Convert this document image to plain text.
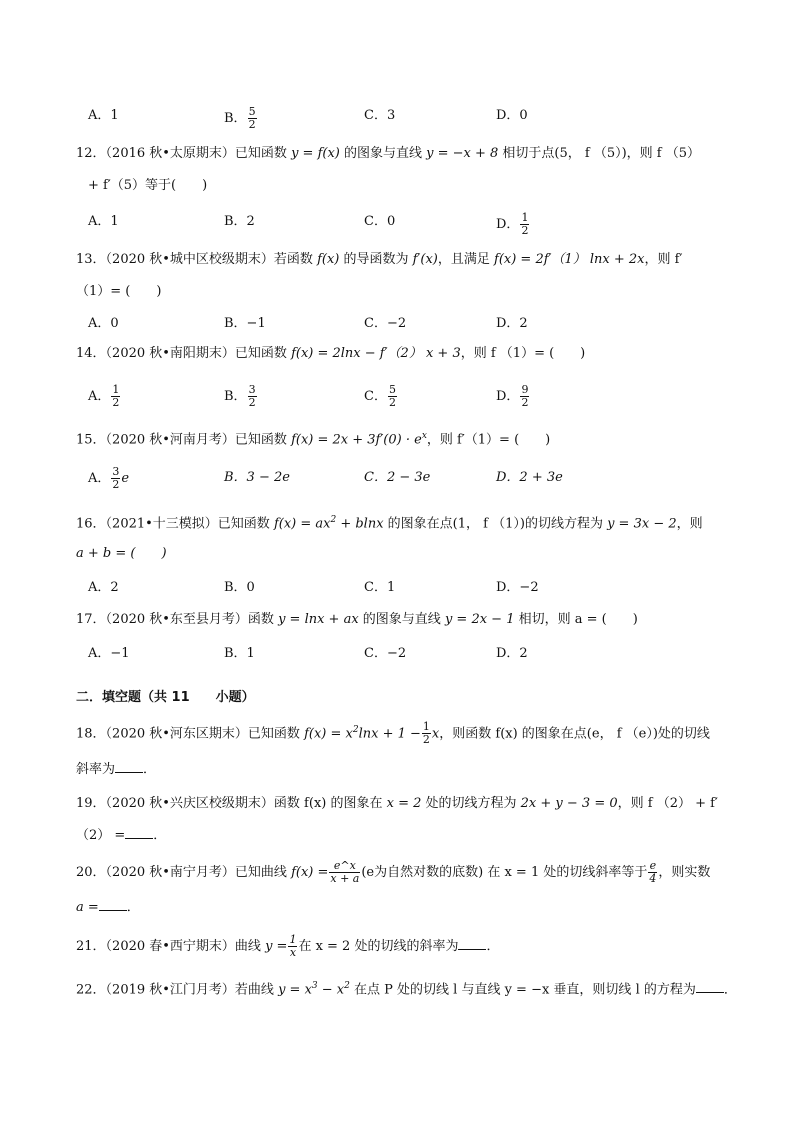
A．1	B． $\frac{5}{2}$	C．3	D．0
12．（2016 秋•太原期末）已知函数 y = f(x) 的图象与直线 y = −x + 8 相切于点(5， f （5）)，则 f （5）
+ f′（5）等于(　　)
A．1	B．2	C．0	D． $\frac{1}{2}$
13．（2020 秋•城中区校级期末）若函数 f(x) 的导函数为 f′(x)，且满足 f(x) = 2f′（1） lnx + 2x，则 f′
（1）= (　　)
A．0	B．−1	C．−2	D．2
14．（2020 秋•南阳期末）已知函数 f(x) = 2lnx − f′（2） x + 3，则 f （1）= (　　)
A． $\frac{1}{2}$	B． $\frac{3}{2}$	C． $\frac{5}{2}$	D． $\frac{9}{2}$
15．（2020 秋•河南月考）已知函数 $f(x) = 2x + 3f'(0) \cdot e^x$，则 f′（1）= (　　)
A． $\frac{3}{2}$ e	B．3 − 2e	C．2 − 3e	D．2 + 3e
16．（2021•十三模拟）已知函数 $f(x) = ax^2 + blnx$ 的图象在点(1， f （1）)的切线方程为 y = 3x − 2，则
a + b = (　　)
A．2	B．0	C．1	D．−2
17．（2020 秋•东至县月考）函数 y = lnx + ax 的图象与直线 y = 2x − 1 相切，则 a = (　　)
A．−1	B．1	C．−2	D．2
二．填空题（共 11　　小题）
18．（2020 秋•河东区期末）已知函数 $f(x) = x^2\ln x + 1 - \frac{1}{2}$ x，则函数 f(x) 的图象在点(e， f （e）)处的切线
斜率为 ．
19．（2020 秋•兴庆区校级期末）函数 f(x) 的图象在 x = 2 处的切线方程为 2x + y − 3 = 0，则 f （2） + f′
（2） = ．
20．（2020 秋•南宁月考）已知曲线 $f(x) = \frac{e\^{}x}{x + a} (e$为自然对数的底数) 在 x = 1 处的切线斜率等于 $\frac{e}{4}$ ，则实数
a = ．
21．（2020 春•西宁期末）曲线 $y = \frac{1}{x}$ 在 x = 2 处的切线的斜率为 ．
22．（2019 秋•江门月考）若曲线 $y = x^3 - x^2$ 在点 P 处的切线 l 与直线 y = −x 垂直，则切线 l 的方程为 ．
